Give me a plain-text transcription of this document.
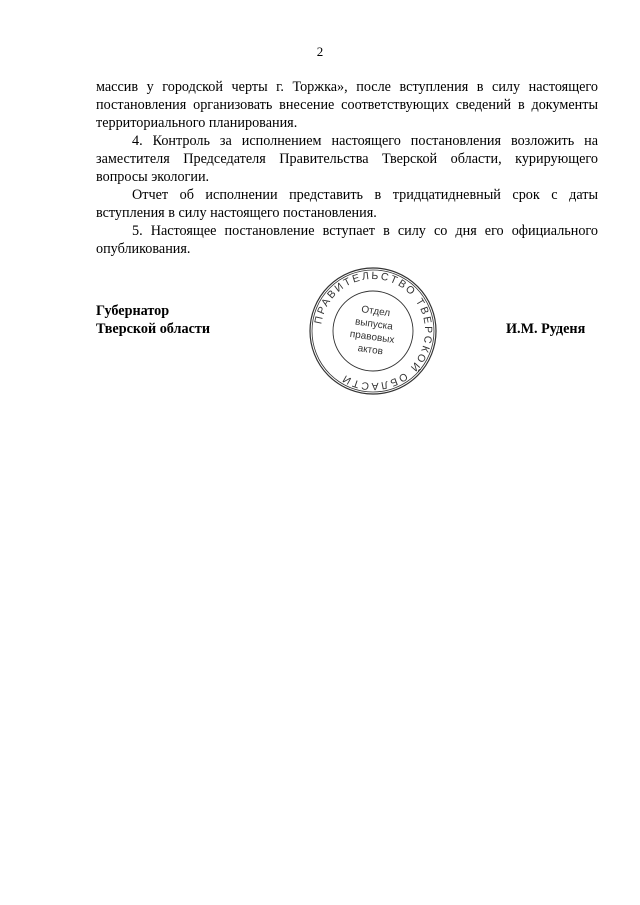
2

массив у городской черты г. Торжка», после вступления в силу настоящего постановления организовать внесение соответствующих сведений в документы территориального планирования.

4. Контроль за исполнением настоящего постановления возложить на заместителя Председателя Правительства Тверской области, курирующего вопросы экологии.

Отчет об исполнении представить в тридцатидневный срок с даты вступления в силу настоящего постановления.

5. Настоящее постановление вступает в силу со дня его официального опубликования.

Губернатор
Тверской области
ПРАВИТЕЛЬСТВО ТВЕРСКОЙ ОБЛАСТИ
Отдел
выпуска
правовых
актов
И.М. Руденя
